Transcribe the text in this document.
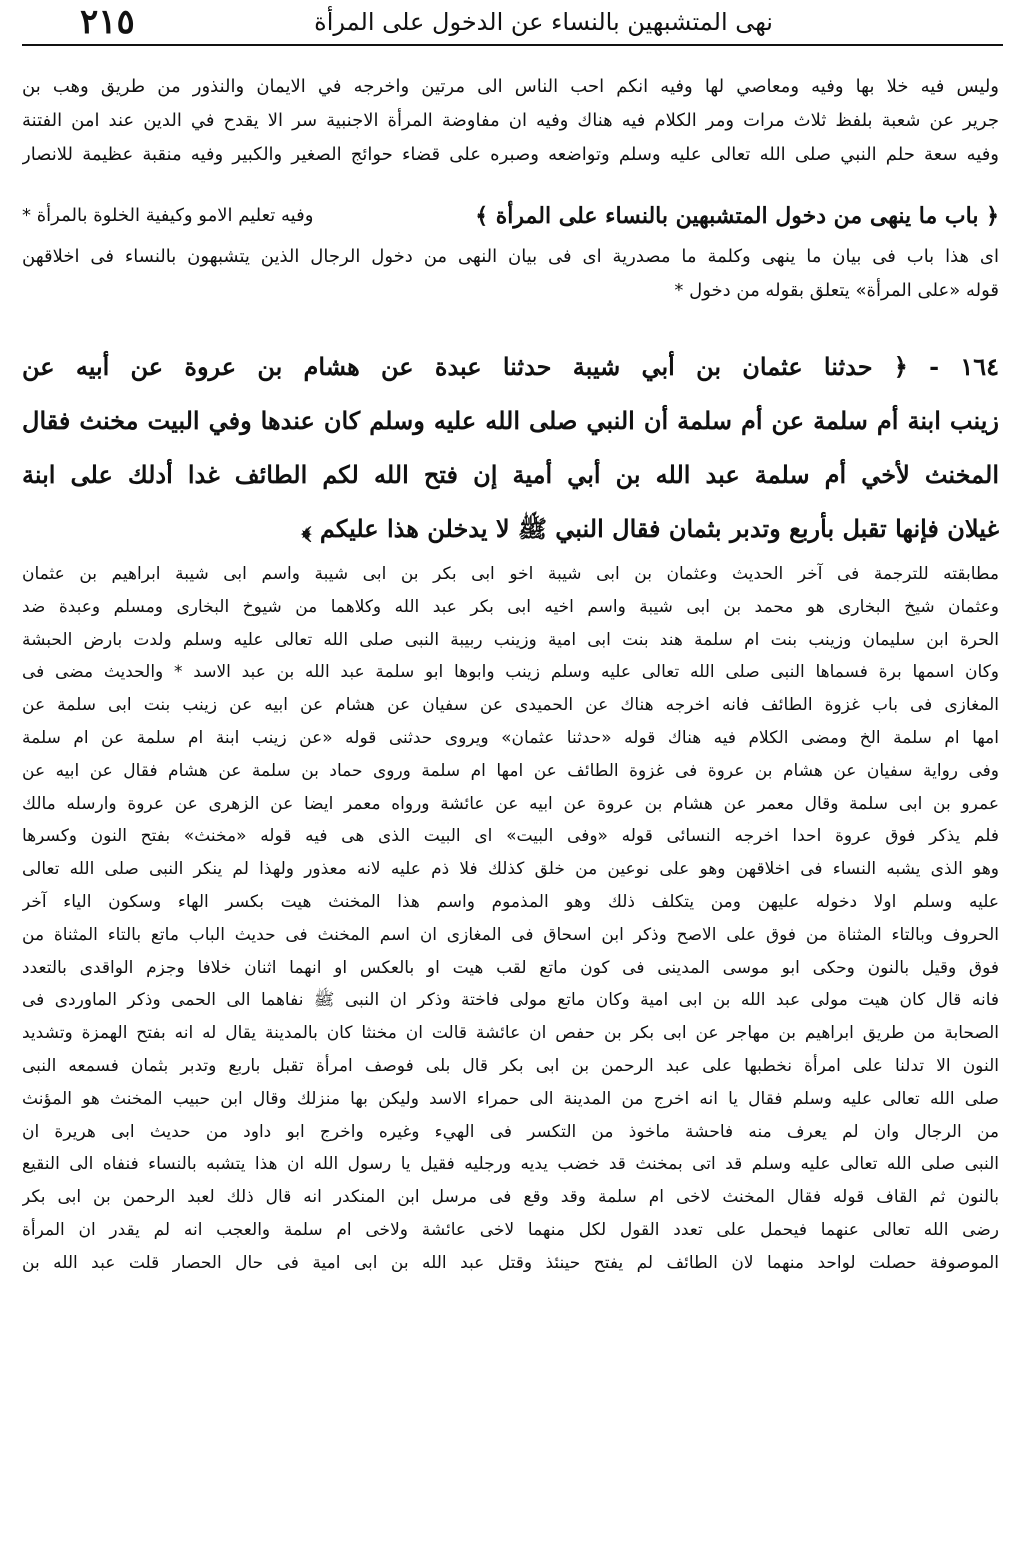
٢١٥	نهى المتشبهين بالنساء عن الدخول على المرأة
وليس فيه خلا بها وفيه ومعاصي لها وفيه انكم احب الناس الى مرتين واخرجه في الايمان والنذور من طريق وهب بن
جرير عن شعبة بلفظ ثلاث مرات ومر الكلام فيه هناك وفيه ان مفاوضة المرأة الاجنبية سر الا يقدح في الدين عند امن الفتنة
وفيه سعة حلم النبي صلى الله تعالى عليه وسلم وتواضعه وصبره على قضاء حوائج الصغير والكبير وفيه منقبة عظيمة للانصار
﴿ باب ما ينهى من دخول المتشبهين بالنساء على المرأة ﴾
وفيه تعليم الامو وكيفية الخلوة بالمرأة *
اى هذا باب فى بيان ما ينهى وكلمة ما مصدرية اى فى بيان النهى من دخول الرجال الذين يتشبهون بالنساء فى اخلاقهن
قوله «على المرأة» يتعلق بقوله من دخول *
١٦٤ - ﴿ حدثنا عثمان بن أبي شيبة حدثنا عبدة عن هشام بن عروة عن أبيه عن
زينب ابنة أم سلمة عن أم سلمة أن النبي صلى الله عليه وسلم كان عندها وفي البيت مخنث فقال
المخنث لأخي أم سلمة عبد الله بن أبي أمية إن فتح الله لكم الطائف غدا أدلك على ابنة
غيلان فإنها تقبل بأربع وتدبر بثمان فقال النبي ﷺ لا يدخلن هذا عليكم ﴾
مطابقته للترجمة فى آخر الحديث وعثمان بن ابى شيبة اخو ابى بكر بن ابى شيبة واسم ابى شيبة ابراهيم بن عثمان
وعثمان شيخ البخارى هو محمد بن ابى شيبة واسم اخيه ابى بكر عبد الله وكلاهما من شيوخ البخارى ومسلم وعبدة ضد
الحرة ابن سليمان وزينب بنت ام سلمة هند بنت ابى امية وزينب ربيبة النبى صلى الله تعالى عليه وسلم ولدت بارض الحبشة
وكان اسمها برة فسماها النبى صلى الله تعالى عليه وسلم زينب وابوها ابو سلمة عبد الله بن عبد الاسد * والحديث مضى فى
المغازى فى باب غزوة الطائف فانه اخرجه هناك عن الحميدى عن سفيان عن هشام عن ابيه عن زينب بنت ابى سلمة عن
امها ام سلمة الخ ومضى الكلام فيه هناك قوله «حدثنا عثمان» ويروى حدثنى قوله «عن زينب ابنة ام سلمة عن ام سلمة
وفى رواية سفيان عن هشام بن عروة فى غزوة الطائف عن امها ام سلمة وروى حماد بن سلمة عن هشام فقال عن ابيه عن
عمرو بن ابى سلمة وقال معمر عن هشام بن عروة عن ابيه عن عائشة ورواه معمر ايضا عن الزهرى عن عروة وارسله مالك
فلم يذكر فوق عروة احدا اخرجه النسائى قوله «وفى البيت» اى البيت الذى هى فيه قوله «مخنث» بفتح النون وكسرها
وهو الذى يشبه النساء فى اخلاقهن وهو على نوعين من خلق كذلك فلا ذم عليه لانه معذور ولهذا لم ينكر النبى صلى الله تعالى
عليه وسلم اولا دخوله عليهن ومن يتكلف ذلك وهو المذموم واسم هذا المخنث هيت بكسر الهاء وسكون الياء آخر
الحروف وبالتاء المثناة من فوق على الاصح وذكر ابن اسحاق فى المغازى ان اسم المخنث فى حديث الباب ماتع بالتاء المثناة من
فوق وقيل بالنون وحكى ابو موسى المدينى فى كون ماتع لقب هيت او بالعكس او انهما اثنان خلافا وجزم الواقدى بالتعدد
فانه قال كان هيت مولى عبد الله بن ابى امية وكان ماتع مولى فاختة وذكر ان النبى ﷺ نفاهما الى الحمى وذكر الماوردى فى
الصحابة من طريق ابراهيم بن مهاجر عن ابى بكر بن حفص ان عائشة قالت ان مخنثا كان بالمدينة يقال له انه بفتح الهمزة وتشديد
النون الا تدلنا على امرأة نخطبها على عبد الرحمن بن ابى بكر قال بلى فوصف امرأة تقبل باربع وتدبر بثمان فسمعه النبى
صلى الله تعالى عليه وسلم فقال يا انه اخرج من المدينة الى حمراء الاسد وليكن بها منزلك وقال ابن حبيب المخنث هو المؤنث
من الرجال وان لم يعرف منه فاحشة ماخوذ من التكسر فى الهيء وغيره واخرج ابو داود من حديث ابى هريرة ان
النبى صلى الله تعالى عليه وسلم قد اتى بمخنث قد خضب يديه ورجليه فقيل يا رسول الله ان هذا يتشبه بالنساء فنفاه الى النقيع
بالنون ثم القاف قوله فقال المخنث لاخى ام سلمة وقد وقع فى مرسل ابن المنكدر انه قال ذلك لعبد الرحمن بن ابى بكر
رضى الله تعالى عنهما فيحمل على تعدد القول لكل منهما لاخى عائشة ولاخى ام سلمة والعجب انه لم يقدر ان المرأة
الموصوفة حصلت لواحد منهما لان الطائف لم يفتح حينئذ وقتل عبد الله بن ابى امية فى حال الحصار قلت عبد الله بن
